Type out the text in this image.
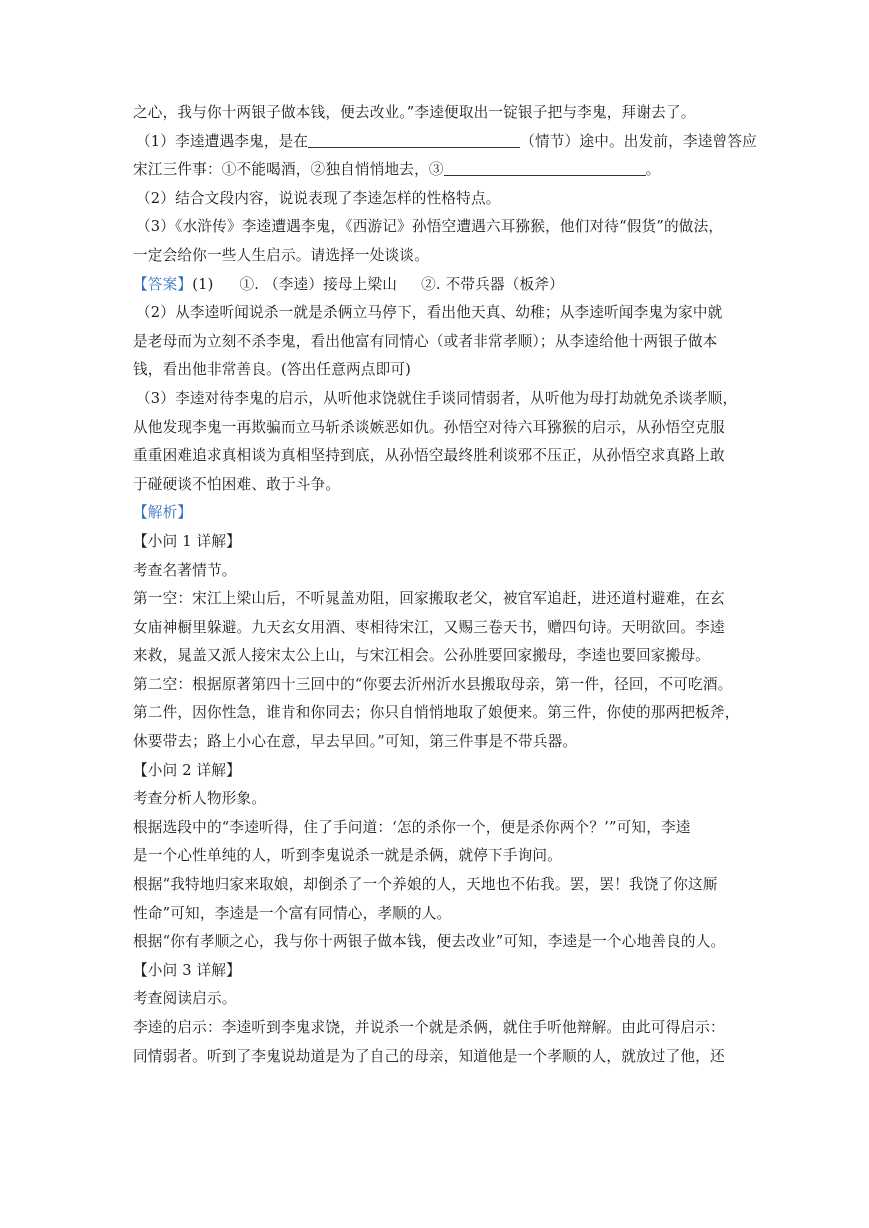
之心，我与你十两银子做本钱，便去改业。”李逵便取出一锭银子把与李鬼，拜谢去了。
（1）李逵遭遇李鬼，是在	（情节）途中。出发前，李逵曾答应
宋江三件事：①不能喝酒，②独自悄悄地去，③	。
（2）结合文段内容，说说表现了李逵怎样的性格特点。
（3）《水浒传》李逵遭遇李鬼，《西游记》孙悟空遭遇六耳猕猴，他们对待“假货”的做法，
一定会给你一些人生启示。请选择一处谈谈。
【答案】(1) ①. （李逵）接母上梁山 ②. 不带兵器（板斧）
（2）从李逵听闻说杀一就是杀俩立马停下，看出他天真、幼稚；从李逵听闻李鬼为家中就
是老母而为立刻不杀李鬼，看出他富有同情心（或者非常孝顺）；从李逵给他十两银子做本
钱，看出他非常善良。(答出任意两点即可)
（3）李逵对待李鬼的启示，从听他求饶就住手谈同情弱者，从听他为母打劫就免杀谈孝顺，
从他发现李鬼一再欺骗而立马斩杀谈嫉恶如仇。孙悟空对待六耳猕猴的启示，从孙悟空克服
重重困难追求真相谈为真相坚持到底，从孙悟空最终胜利谈邪不压正，从孙悟空求真路上敢
于碰硬谈不怕困难、敢于斗争。
【解析】
【小问 1 详解】
考查名著情节。
第一空：宋江上梁山后，不听晁盖劝阻，回家搬取老父，被官军追赶，进还道村避难，在玄
女庙神橱里躲避。九天玄女用酒、枣相待宋江，又赐三卷天书，赠四句诗。天明欲回。李逵
来救，晁盖又派人接宋太公上山，与宋江相会。公孙胜要回家搬母，李逵也要回家搬母。
第二空：根据原著第四十三回中的“你要去沂州沂水县搬取母亲，第一件，径回，不可吃酒。
第二件，因你性急，谁肯和你同去；你只自悄悄地取了娘便来。第三件，你使的那两把板斧，
休要带去；路上小心在意，早去早回。”可知，第三件事是不带兵器。
【小问 2 详解】
考查分析人物形象。
根据选段中的“李逵听得，住了手问道：‘怎的杀你一个，便是杀你两个？’”可知，李逵
是一个心性单纯的人，听到李鬼说杀一就是杀俩，就停下手询问。
根据“我特地归家来取娘，却倒杀了一个养娘的人，天地也不佑我。罢，罢！我饶了你这厮
性命”可知，李逵是一个富有同情心，孝顺的人。
根据“你有孝顺之心，我与你十两银子做本钱，便去改业”可知，李逵是一个心地善良的人。
【小问 3 详解】
考查阅读启示。
李逵的启示：李逵听到李鬼求饶，并说杀一个就是杀俩，就住手听他辩解。由此可得启示：
同情弱者。听到了李鬼说劫道是为了自己的母亲，知道他是一个孝顺的人，就放过了他，还
